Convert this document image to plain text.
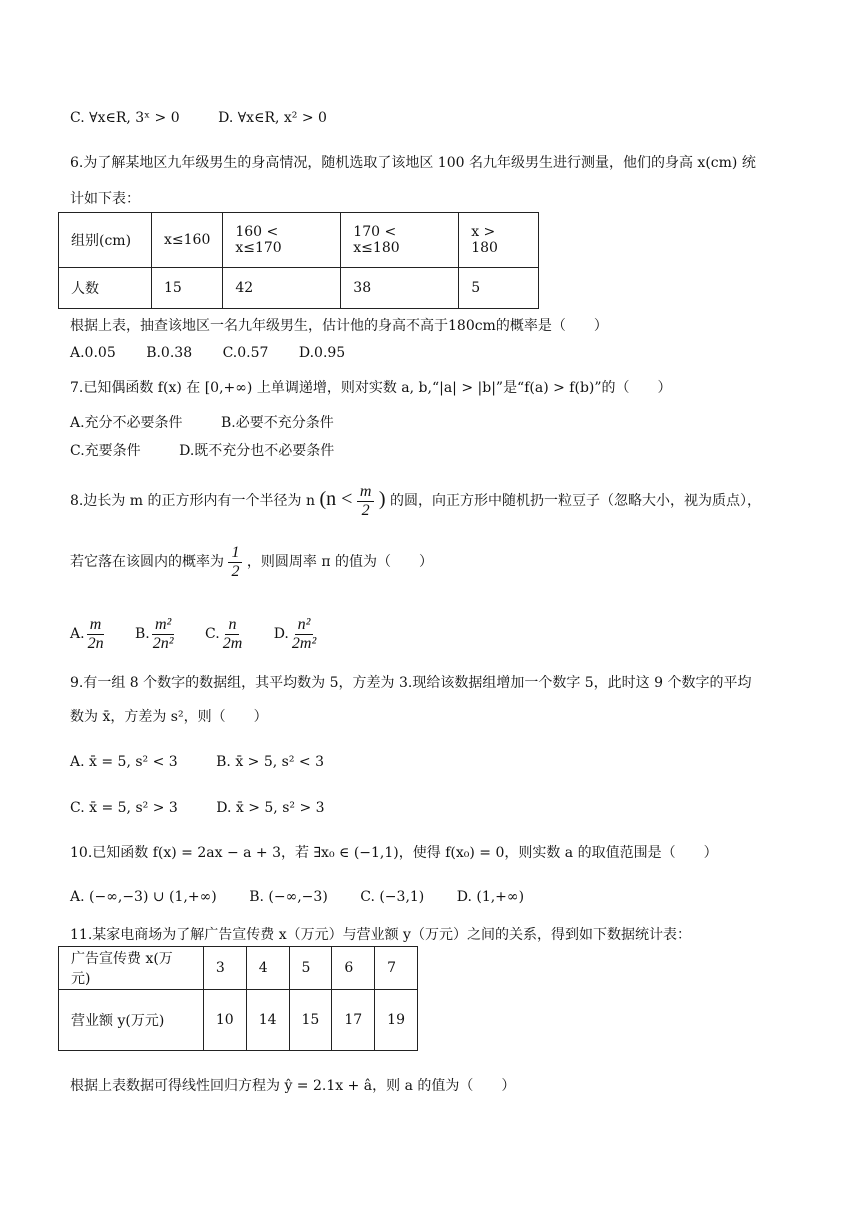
C. ∀x∈R, 3ˣ > 0	D. ∀x∈R, x² > 0
6.为了解某地区九年级男生的身高情况，随机选取了该地区 100 名九年级男生进行测量，他们的身高 x(cm) 统
计如下表：
组别(cm)	x≤160	160 < x≤170	170 < x≤180	x > 180
人数	15	42	38	5
根据上表，抽查该地区一名九年级男生，估计他的身高不高于180cm的概率是（　　）
A.0.05 B.0.38 C.0.57 D.0.95
7.已知偶函数 f(x) 在 [0,+∞) 上单调递增，则对实数 a, b,“|a| > |b|”是“f(a) > f(b)”的（　　）
A.充分不必要条件	B.必要不充分条件
C.充要条件	D.既不充分也不必要条件
8.边长为 m 的正方形内有一个半径为 n ($n < \frac{m}{2}$ ) 的圆，向正方形中随机扔一粒豆子（忽略大小，视为质点），
若它落在该圆内的概率为 $\frac{1}{2}$ ，则圆周率 π 的值为（　　）
A. $\frac{m}{2n} B$. $\frac{\text{m²}}{\text{2n²}} C$. $\frac{n}{2m} D$. $\frac{\text{n²}}{\text{2m²}}$
9.有一组 8 个数字的数据组，其平均数为 5，方差为 3.现给该数据组增加一个数字 5，此时这 9 个数字的平均
数为 x̄，方差为 s²，则（　　）
A. x̄ = 5, s² < 3	B. x̄ > 5, s² < 3
C. x̄ = 5, s² > 3	D. x̄ > 5, s² > 3
10.已知函数 f(x) = 2ax − a + 3，若 ∃x₀ ∈ (−1,1)，使得 f(x₀) = 0，则实数 a 的取值范围是（　　）
A. (−∞,−3) ∪ (1,+∞) B. (−∞,−3) C. (−3,1) D. (1,+∞)
11.某家电商场为了解广告宣传费 x（万元）与营业额 y（万元）之间的关系，得到如下数据统计表：
广告宣传费 x(万元)	3	4	5	6	7
营业额 y(万元)	10	14	15	17	19
根据上表数据可得线性回归方程为 ŷ = 2.1x + â，则 a 的值为（　　）
